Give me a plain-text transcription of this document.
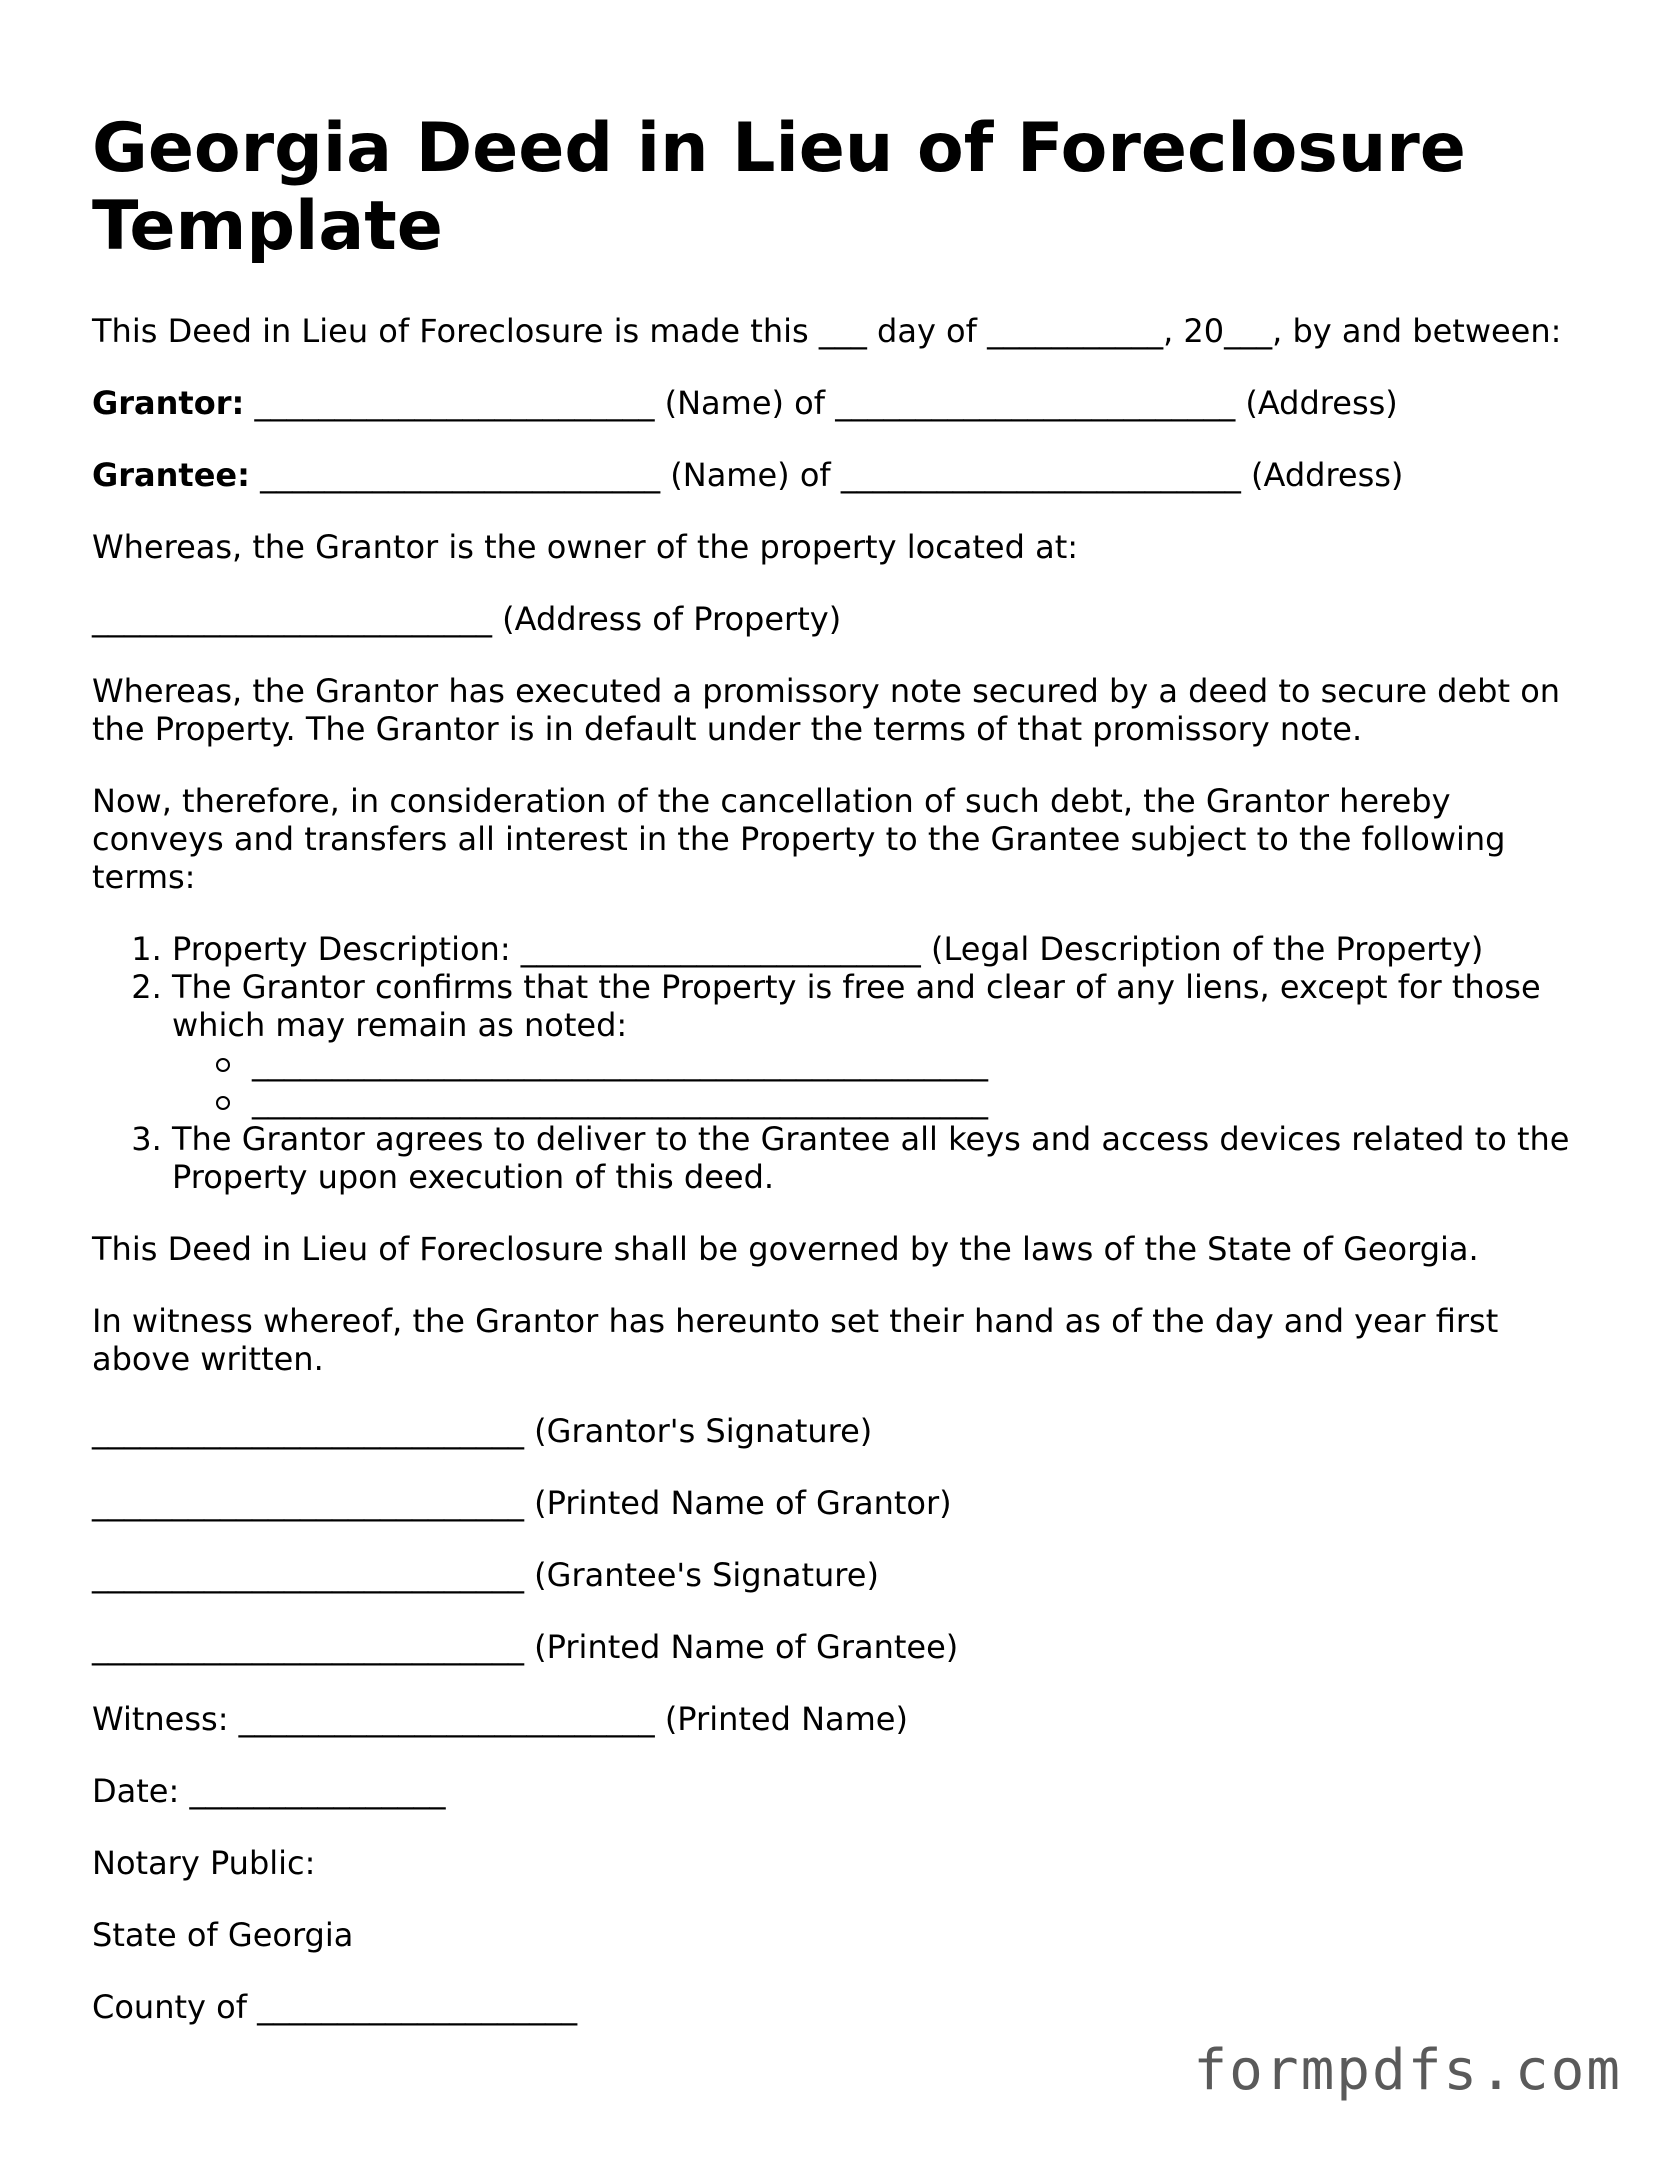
Georgia Deed in Lieu of Foreclosure Template

This Deed in Lieu of Foreclosure is made this ___ day of ___________, 20___, by and between:

Grantor: _________________________ (Name) of _________________________ (Address)

Grantee: _________________________ (Name) of _________________________ (Address)

Whereas, the Grantor is the owner of the property located at:

_________________________ (Address of Property)

Whereas, the Grantor has executed a promissory note secured by a deed to secure debt on the Property. The Grantor is in default under the terms of that promissory note.

Now, therefore, in consideration of the cancellation of such debt, the Grantor hereby conveys and transfers all interest in the Property to the Grantee subject to the following terms:

1. Property Description: _________________________ (Legal Description of the Property)
2. The Grantor confirms that the Property is free and clear of any liens, except for those which may remain as noted:
______________________________________________
______________________________________________
3. The Grantor agrees to deliver to the Grantee all keys and access devices related to the Property upon execution of this deed.

This Deed in Lieu of Foreclosure shall be governed by the laws of the State of Georgia.

In witness whereof, the Grantor has hereunto set their hand as of the day and year first above written.

___________________________ (Grantor's Signature)

___________________________ (Printed Name of Grantor)

___________________________ (Grantee's Signature)

___________________________ (Printed Name of Grantee)

Witness: __________________________ (Printed Name)

Date: ________________

Notary Public:

State of Georgia

County of ____________________

formpdfs.com
